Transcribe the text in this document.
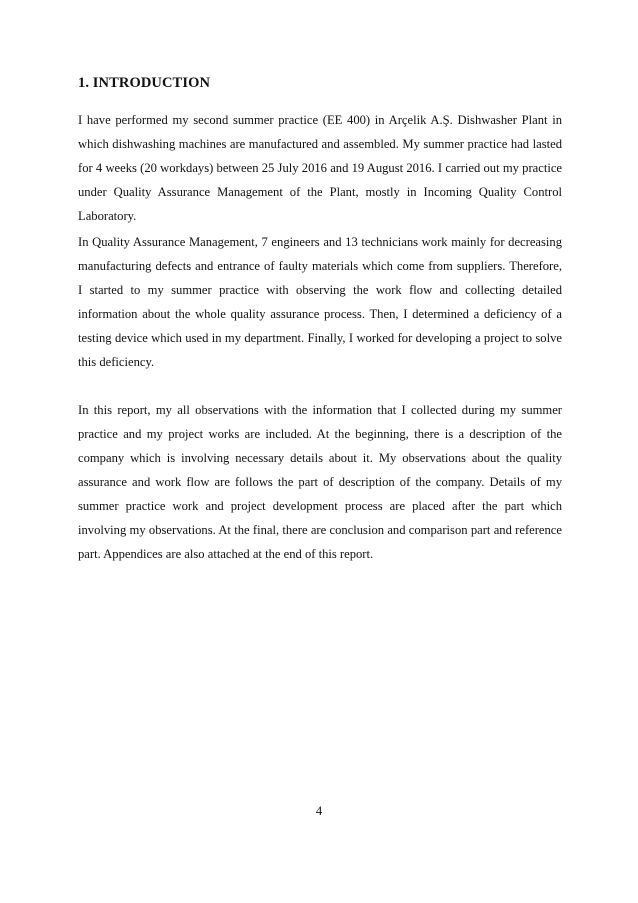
1. INTRODUCTION

I have performed my second summer practice (EE 400) in Arçelik A.Ş. Dishwasher Plant in
which dishwashing machines are manufactured and assembled. My summer practice had lasted
for 4 weeks (20 workdays) between 25 July 2016 and 19 August 2016. I carried out my practice
under Quality Assurance Management of the Plant, mostly in Incoming Quality Control
Laboratory.

In Quality Assurance Management, 7 engineers and 13 technicians work mainly for decreasing
manufacturing defects and entrance of faulty materials which come from suppliers. Therefore,
I started to my summer practice with observing the work flow and collecting detailed
information about the whole quality assurance process. Then, I determined a deficiency of a
testing device which used in my department. Finally, I worked for developing a project to solve
this deficiency.

In this report, my all observations with the information that I collected during my summer
practice and my project works are included. At the beginning, there is a description of the
company which is involving necessary details about it. My observations about the quality
assurance and work flow are follows the part of description of the company. Details of my
summer practice work and project development process are placed after the part which
involving my observations. At the final, there are conclusion and comparison part and reference
part. Appendices are also attached at the end of this report.

4
